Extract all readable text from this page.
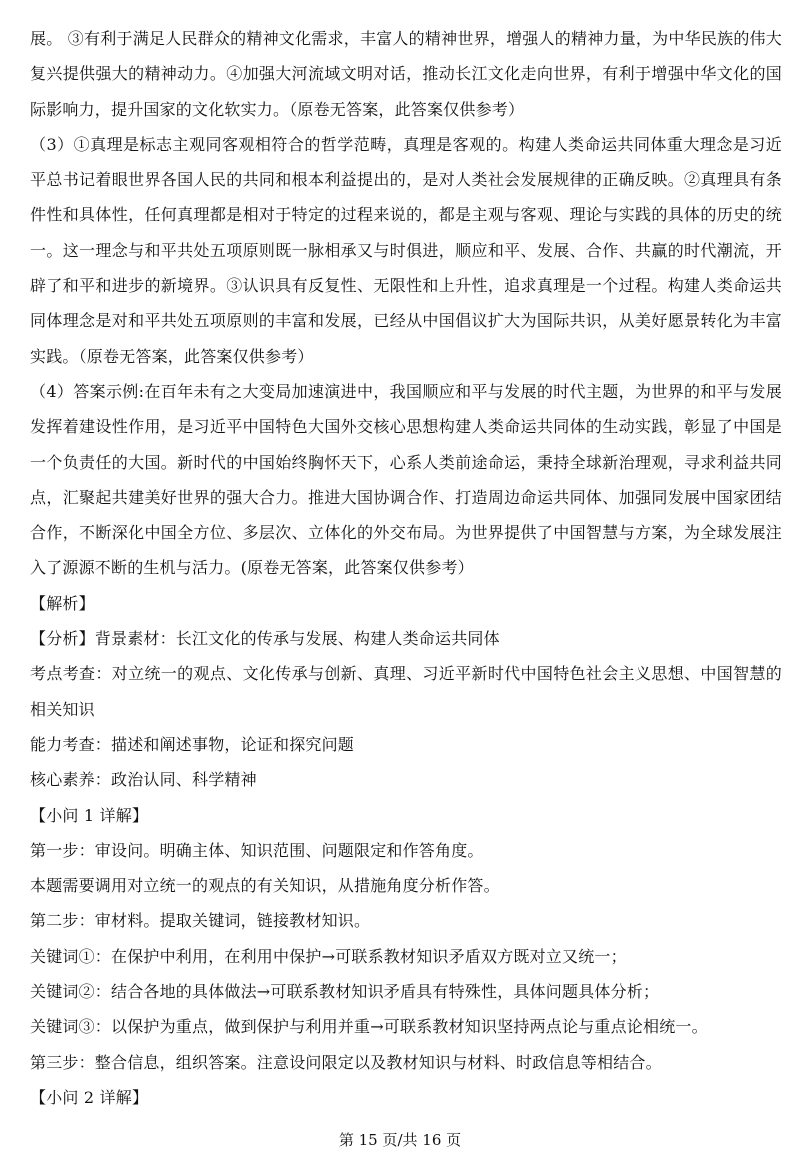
展。 ③有利于满足人民群众的精神文化需求，丰富人的精神世界，增强人的精神力量，为中华民族的伟大复兴提供强大的精神动力。④加强大河流域文明对话，推动长江文化走向世界，有利于增强中华文化的国际影响力，提升国家的文化软实力。（原卷无答案，此答案仅供参考）

（3）①真理是标志主观同客观相符合的哲学范畴，真理是客观的。构建人类命运共同体重大理念是习近平总书记着眼世界各国人民的共同和根本利益提出的，是对人类社会发展规律的正确反映。②真理具有条件性和具体性，任何真理都是相对于特定的过程来说的，都是主观与客观、理论与实践的具体的历史的统一。这一理念与和平共处五项原则既一脉相承又与时俱进，顺应和平、发展、合作、共赢的时代潮流，开辟了和平和进步的新境界。③认识具有反复性、无限性和上升性，追求真理是一个过程。构建人类命运共同体理念是对和平共处五项原则的丰富和发展，已经从中国倡议扩大为国际共识，从美好愿景转化为丰富实践。（原卷无答案，此答案仅供参考）

（4）答案示例:在百年未有之大变局加速演进中，我国顺应和平与发展的时代主题，为世界的和平与发展发挥着建设性作用，是习近平中国特色大国外交核心思想构建人类命运共同体的生动实践，彰显了中国是一个负责任的大国。新时代的中国始终胸怀天下，心系人类前途命运，秉持全球新治理观，寻求利益共同点，汇聚起共建美好世界的强大合力。推进大国协调合作、打造周边命运共同体、加强同发展中国家团结合作，不断深化中国全方位、多层次、立体化的外交布局。为世界提供了中国智慧与方案，为全球发展注入了源源不断的生机与活力。(原卷无答案，此答案仅供参考）

【解析】

【分析】背景素材：长江文化的传承与发展、构建人类命运共同体

考点考查：对立统一的观点、文化传承与创新、真理、习近平新时代中国特色社会主义思想、中国智慧的相关知识

能力考查：描述和阐述事物，论证和探究问题

核心素养：政治认同、科学精神

【小问 1 详解】

第一步：审设问。明确主体、知识范围、问题限定和作答角度。

本题需要调用对立统一的观点的有关知识，从措施角度分析作答。

第二步：审材料。提取关键词，链接教材知识。

关键词①：在保护中利用，在利用中保护→可联系教材知识矛盾双方既对立又统一；

关键词②：结合各地的具体做法→可联系教材知识矛盾具有特殊性，具体问题具体分析；

关键词③：以保护为重点，做到保护与利用并重→可联系教材知识坚持两点论与重点论相统一。

第三步：整合信息，组织答案。注意设问限定以及教材知识与材料、时政信息等相结合。

【小问 2 详解】

第 15 页/共 16 页
